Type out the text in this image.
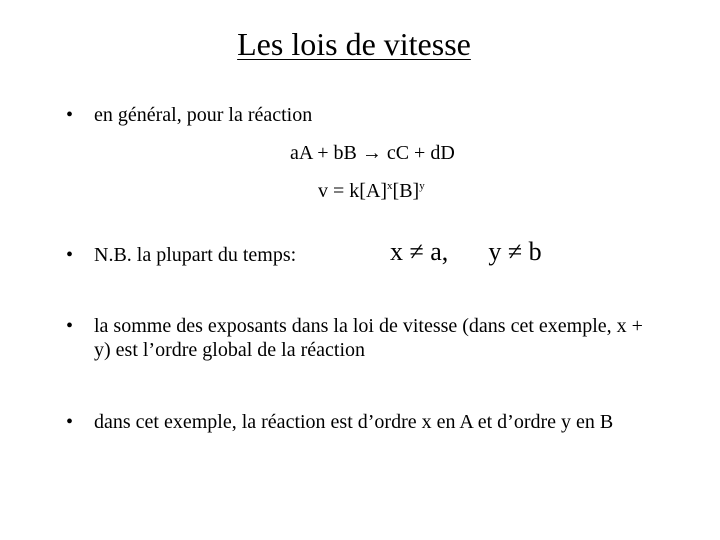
Les lois de vitesse
• en général, pour la réaction
aA + bB → cC + dD
$v = k[A]^x[B]^y$
• N.B. la plupart du temps:	x ≠ a, y ≠ b
• la somme des exposants dans la loi de vitesse (dans cet exemple, x + y) est l’ordre global de la réaction
• dans cet exemple, la réaction est d’ordre x en A et d’ordre y en B
